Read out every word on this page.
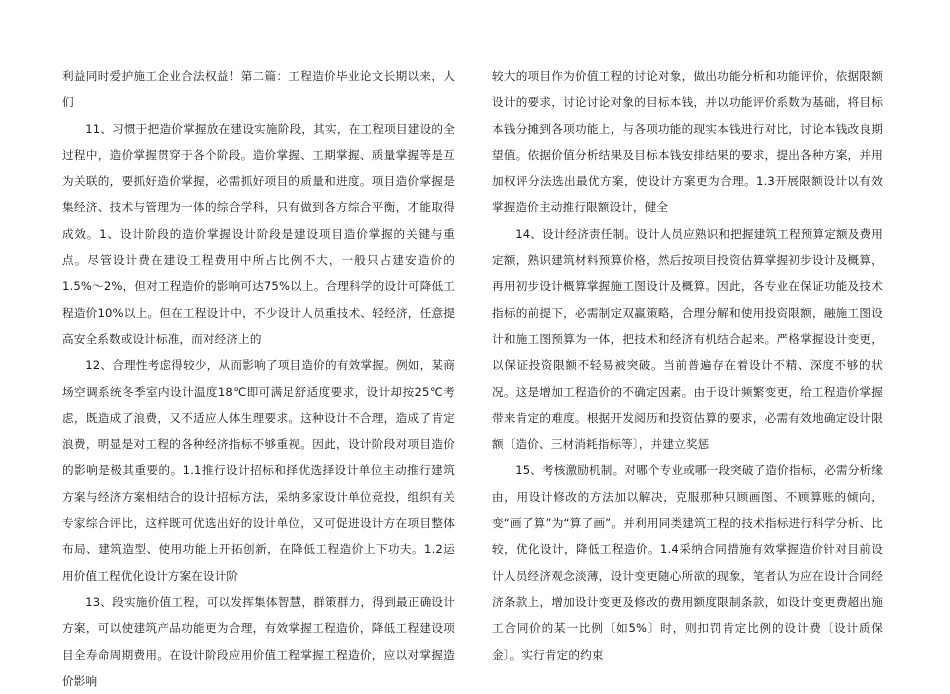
利益同时爱护施工企业合法权益！第二篇：工程造价毕业论文长期以来，人们

11、习惯于把造价掌握放在建设实施阶段，其实，在工程项目建设的全过程中，造价掌握贯穿于各个阶段。造价掌握、工期掌握、质量掌握等是互为关联的，要抓好造价掌握，必需抓好项目的质量和进度。项目造价掌握是集经济、技术与管理为一体的综合学科，只有做到各方综合平衡，才能取得成效。1、设计阶段的造价掌握设计阶段是建设项目造价掌握的关键与重点。尽管设计费在建设工程费用中所占比例不大，一般只占建安造价的1.5%～2%，但对工程造价的影响可达75%以上。合理科学的设计可降低工程造价10%以上。但在工程设计中，不少设计人员重技术、轻经济，任意提高安全系数或设计标准，而对经济上的

12、合理性考虑得较少，从而影响了项目造价的有效掌握。例如，某商场空调系统冬季室内设计温度18℃即可满足舒适度要求，设计却按25℃考虑，既造成了浪费，又不适应人体生理要求。这种设计不合理，造成了肯定浪费，明显是对工程的各种经济指标不够重视。因此，设计阶段对项目造价的影响是极其重要的。1.1推行设计招标和择优选择设计单位主动推行建筑方案与经济方案相结合的设计招标方法，采纳多家设计单位竞投，组织有关专家综合评比，这样既可优选出好的设计单位，又可促进设计方在项目整体布局、建筑造型、使用功能上开拓创新，在降低工程造价上下功夫。1.2运用价值工程优化设计方案在设计阶

13、段实施价值工程，可以发挥集体智慧，群策群力，得到最正确设计方案，可以使建筑产品功能更为合理，有效掌握工程造价，降低工程建设项目全寿命周期费用。在设计阶段应用价值工程掌握工程造价，应以对掌握造价影响

较大的项目作为价值工程的讨论对象，做出功能分析和功能评价，依据限额设计的要求，讨论讨论对象的目标本钱，并以功能评价系数为基础，将目标本钱分摊到各项功能上，与各项功能的现实本钱进行对比，讨论本钱改良期望值。依据价值分析结果及目标本钱安排结果的要求，提出各种方案，并用加权评分法选出最优方案，使设计方案更为合理。1.3开展限额设计以有效掌握造价主动推行限额设计，健全

14、设计经济责任制。设计人员应熟识和把握建筑工程预算定额及费用定额，熟识建筑材料预算价格，然后按项目投资估算掌握初步设计及概算，再用初步设计概算掌握施工图设计及概算。因此，各专业在保证功能及技术指标的前提下，必需制定双赢策略，合理分解和使用投资限额，融施工图设计和施工图预算为一体，把技术和经济有机结合起来。严格掌握设计变更，以保证投资限额不轻易被突破。当前普遍存在着设计不精、深度不够的状况。这是增加工程造价的不确定因素。由于设计频繁变更，给工程造价掌握带来肯定的难度。根据开发阅历和投资估算的要求，必需有效地确定设计限额〔造价、三材消耗指标等〕，并建立奖惩

15、考核激励机制。对哪个专业或哪一段突破了造价指标，必需分析缘由，用设计修改的方法加以解决，克服那种只顾画图、不顾算账的倾向，变“画了算”为“算了画”。并利用同类建筑工程的技术指标进行科学分析、比较，优化设计，降低工程造价。1.4采纳合同措施有效掌握造价针对目前设计人员经济观念淡薄，设计变更随心所欲的现象，笔者认为应在设计合同经济条款上，增加设计变更及修改的费用额度限制条款，如设计变更费超出施工合同价的某一比例〔如5%〕时，则扣罚肯定比例的设计费〔设计质保金〕。实行肯定的约束
